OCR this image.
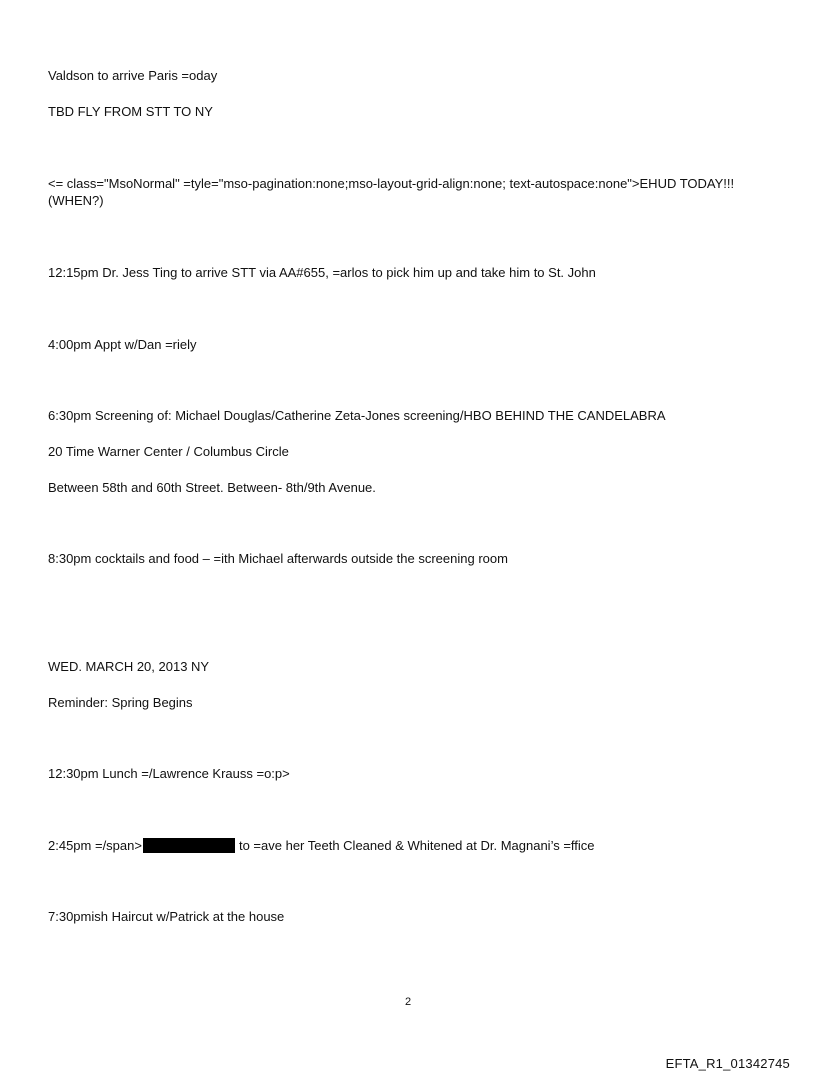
Valdson to arrive Paris =oday
TBD FLY FROM STT TO NY
<= class="MsoNormal" =tyle="mso-pagination:none;mso-layout-grid-align:none; text-autospace:none">EHUD TODAY!!! (WHEN?)
12:15pm Dr. Jess Ting to arrive STT via AA#655, =arlos to pick him up and take him to St. John
4:00pm Appt w/Dan =riely
6:30pm Screening of: Michael Douglas/Catherine Zeta-Jones screening/HBO BEHIND THE CANDELABRA
20 Time Warner Center / Columbus Circle
Between 58th and 60th Street. Between- 8th/9th Avenue.
8:30pm cocktails and food – =ith Michael afterwards outside the screening room
WED. MARCH 20, 2013 NY
Reminder: Spring Begins
12:30pm Lunch =/Lawrence Krauss =o:p>
2:45pm =/span>	to =ave her Teeth Cleaned & Whitened at Dr. Magnani’s =ffice
7:30pmish Haircut w/Patrick at the house
2
EFTA_R1_01342745
